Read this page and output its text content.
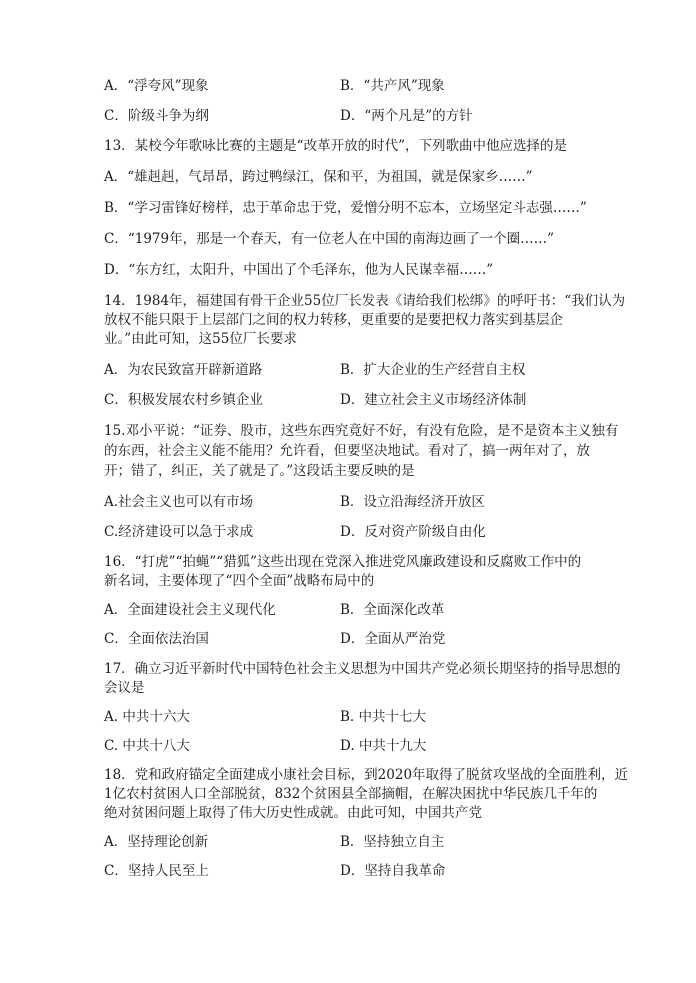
A．“浮夸风”现象	B．“共产风”现象
C．阶级斗争为纲	D．“两个凡是”的方针
13．某校今年歌咏比赛的主题是“改革开放的时代”，下列歌曲中他应选择的是
A．“雄赳赳，气昂昂，跨过鸭绿江，保和平，为祖国，就是保家乡……”
B．“学习雷锋好榜样，忠于革命忠于党，爱憎分明不忘本，立场坚定斗志强……”
C．“1979年，那是一个春天，有一位老人在中国的南海边画了一个圈……”
D．“东方红，太阳升，中国出了个毛泽东，他为人民谋幸福……”
14．1984年，福建国有骨干企业55位厂长发表《请给我们松绑》的呼吁书：“我们认为
放权不能只限于上层部门之间的权力转移，更重要的是要把权力落实到基层企
业。”由此可知，这55位厂长要求
A．为农民致富开辟新道路	B．扩大企业的生产经营自主权
C．积极发展农村乡镇企业	D．建立社会主义市场经济体制
15.邓小平说：“证券、股市，这些东西究竟好不好，有没有危险，是不是资本主义独有
的东西，社会主义能不能用？允许看，但要坚决地试。看对了，搞一两年对了，放
开；错了，纠正，关了就是了。”这段话主要反映的是
A.社会主义也可以有市场	B．设立沿海经济开放区
C.经济建设可以急于求成	D．反对资产阶级自由化
16．“打虎”“拍蝇”“猎狐”这些出现在党深入推进党风廉政建设和反腐败工作中的
新名词，主要体现了“四个全面”战略布局中的
A．全面建设社会主义现代化	B．全面深化改革
C．全面依法治国	D．全面从严治党
17．确立习近平新时代中国特色社会主义思想为中国共产党必须长期坚持的指导思想的
会议是
A. 中共十六大	B. 中共十七大
C. 中共十八大	D. 中共十九大
18．党和政府锚定全面建成小康社会目标，到2020年取得了脱贫攻坚战的全面胜利，近
1亿农村贫困人口全部脱贫，832个贫困县全部摘帽，在解决困扰中华民族几千年的
绝对贫困问题上取得了伟大历史性成就。由此可知，中国共产党
A．坚持理论创新	B．坚持独立自主
C．坚持人民至上	D．坚持自我革命
